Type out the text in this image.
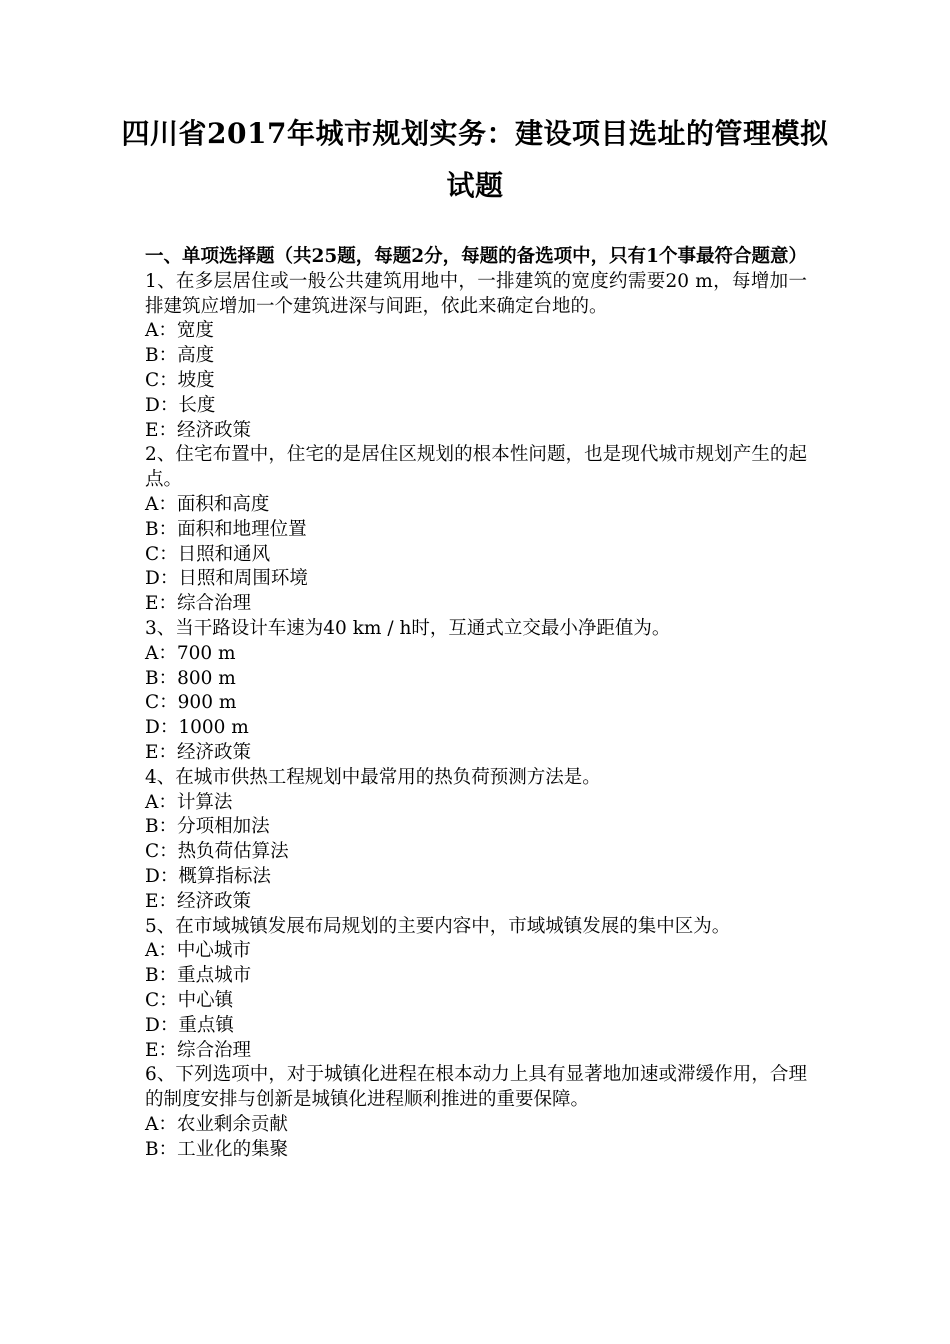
四川省2017年城市规划实务：建设项目选址的管理模拟试题
一、单项选择题（共25题，每题2分，每题的备选项中，只有1个事最符合题意）
1、在多层居住或一般公共建筑用地中，一排建筑的宽度约需要20 m，每增加一排建筑应增加一个建筑进深与间距，依此来确定台地的。
A：宽度
B：高度
C：坡度
D：长度
E：经济政策
2、住宅布置中，住宅的是居住区规划的根本性问题，也是现代城市规划产生的起点。
A：面积和高度
B：面积和地理位置
C：日照和通风
D：日照和周围环境
E：综合治理
3、当干路设计车速为40 km / h时，互通式立交最小净距值为。
A：700 m
B：800 m
C：900 m
D：1000 m
E：经济政策
4、在城市供热工程规划中最常用的热负荷预测方法是。
A：计算法
B：分项相加法
C：热负荷估算法
D：概算指标法
E：经济政策
5、在市域城镇发展布局规划的主要内容中，市域城镇发展的集中区为。
A：中心城市
B：重点城市
C：中心镇
D：重点镇
E：综合治理
6、下列选项中，对于城镇化进程在根本动力上具有显著地加速或滞缓作用，合理的制度安排与创新是城镇化进程顺利推进的重要保障。
A：农业剩余贡献
B：工业化的集聚
